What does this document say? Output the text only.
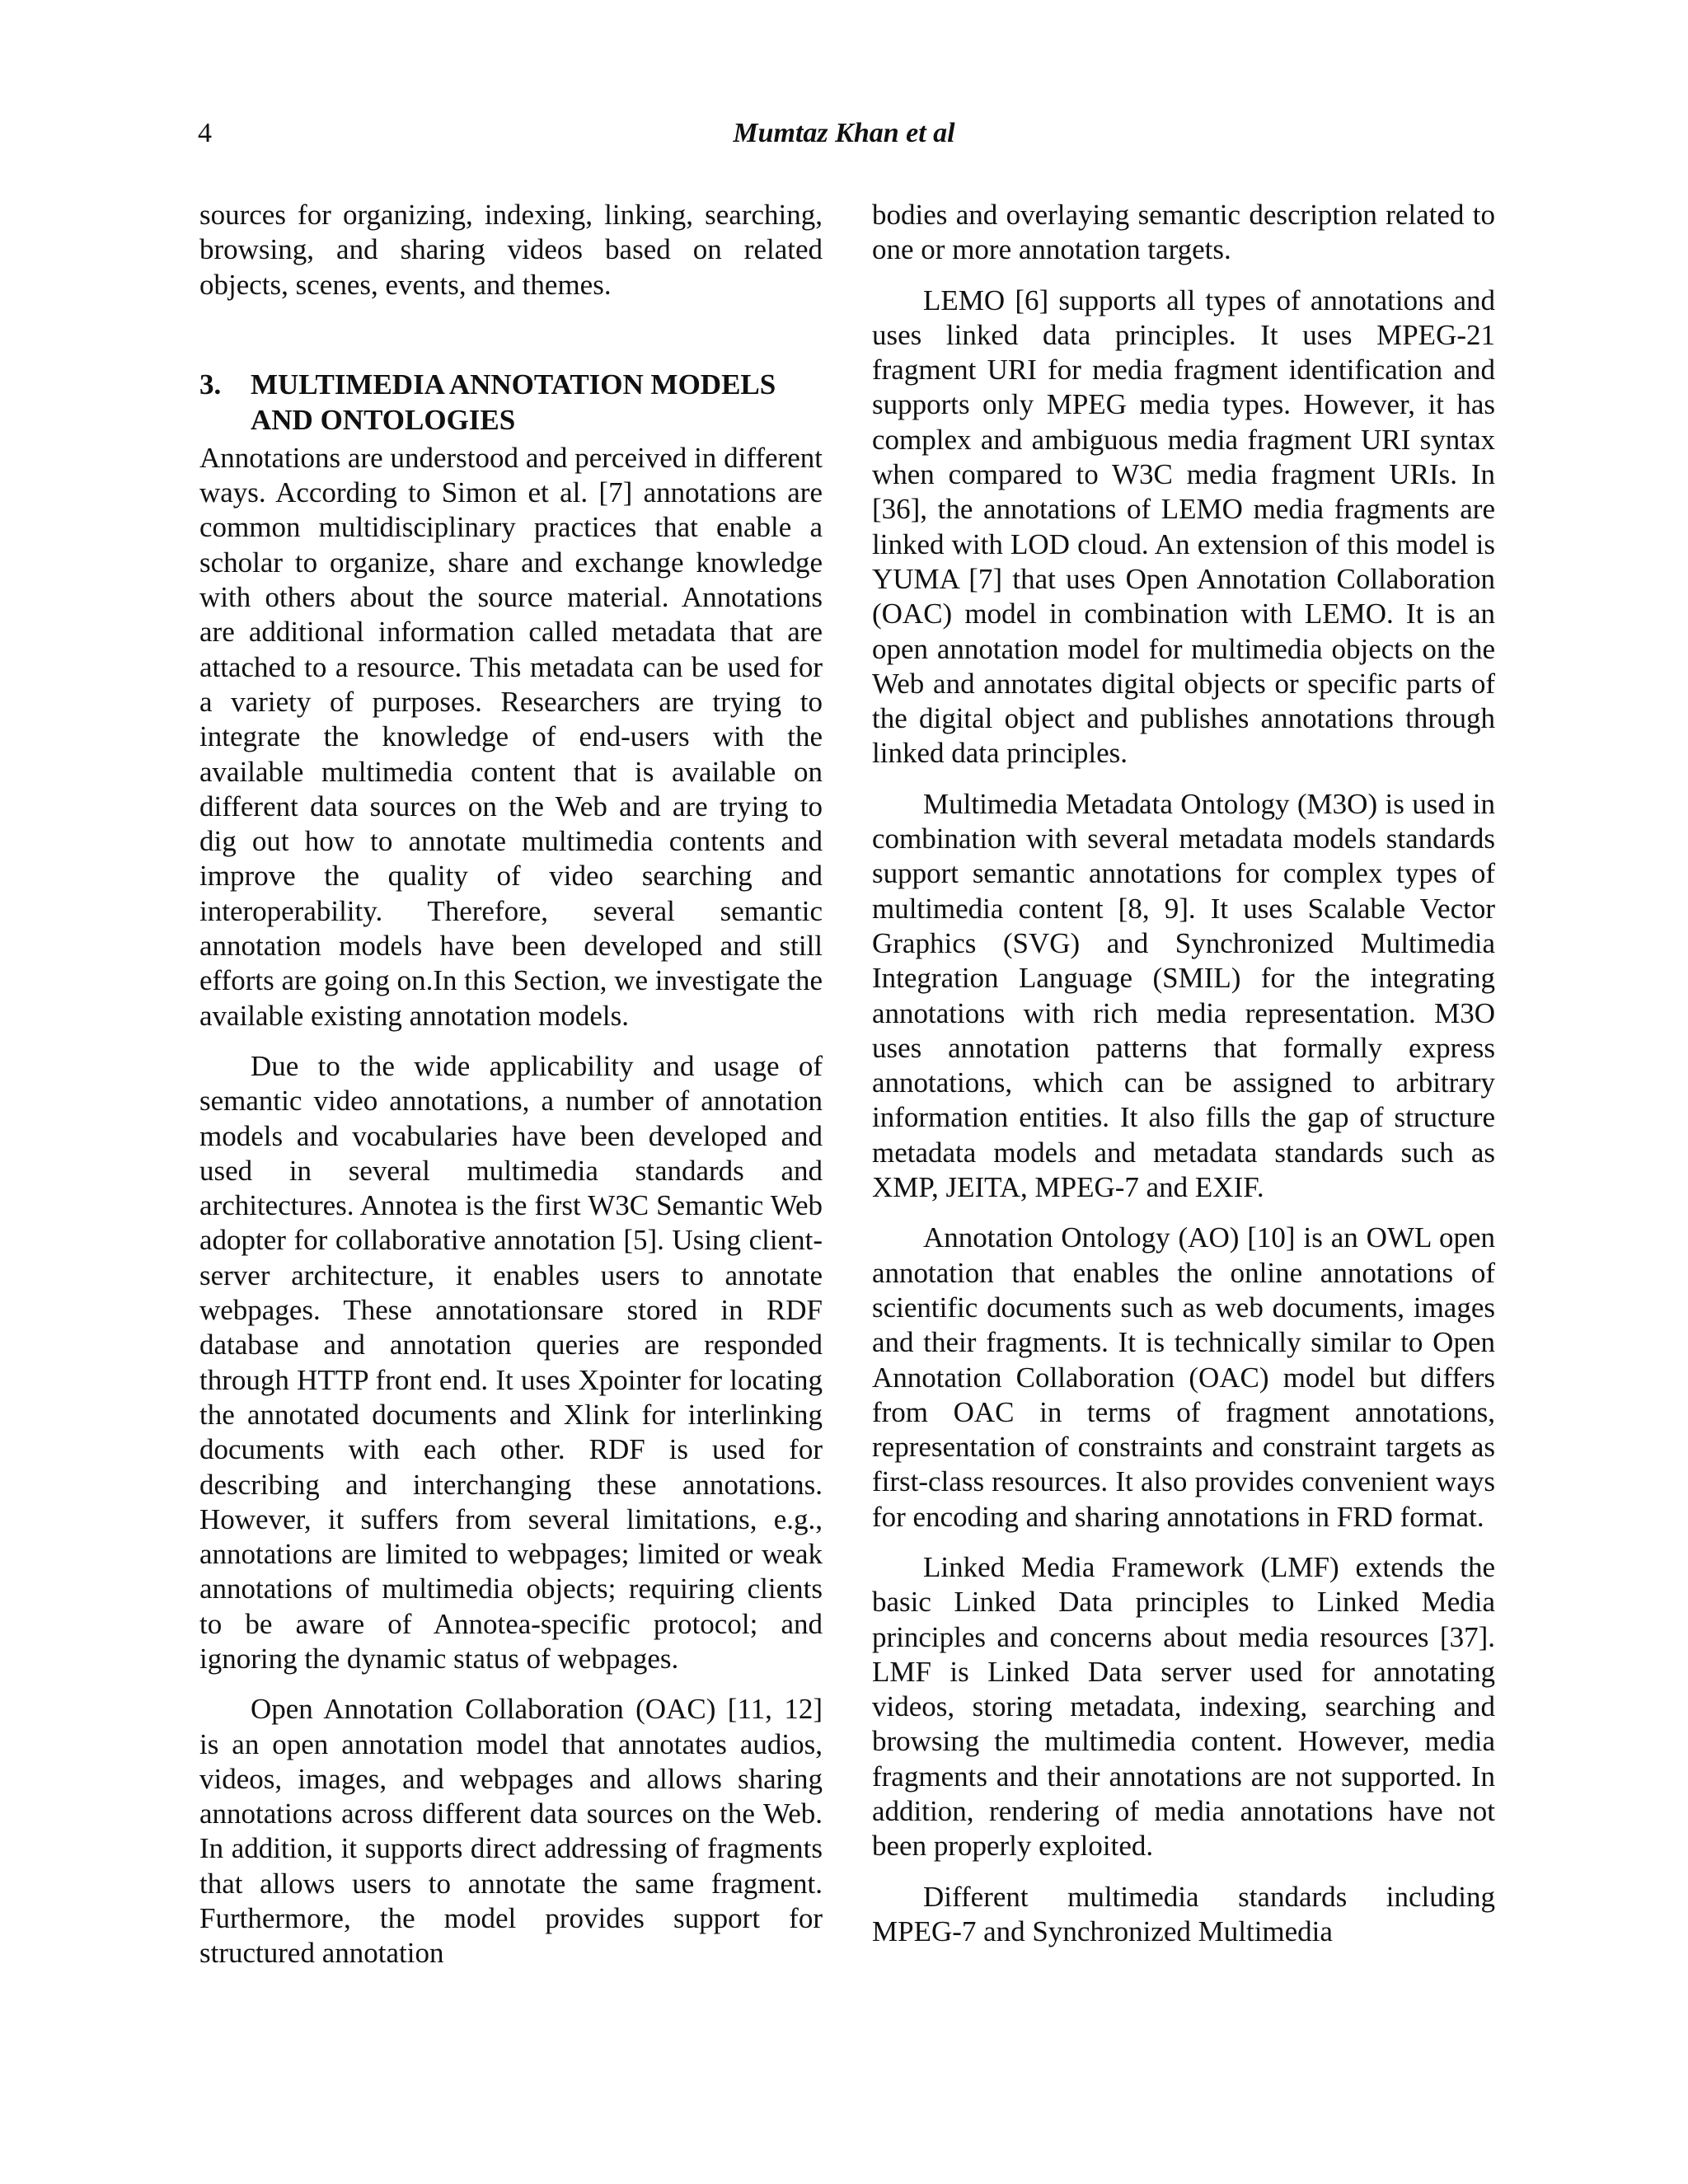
4	Mumtaz Khan et al

sources for organizing, indexing, linking, searching, browsing, and sharing videos based on related objects, scenes, events, and themes.

3.	MULTIMEDIA ANNOTATION MODELS AND ONTOLOGIES

Annotations are understood and perceived in different ways. According to Simon et al. [7] annotations are common multidisciplinary practices that enable a scholar to organize, share and exchange knowledge with others about the source material. Annotations are additional information called metadata that are attached to a resource. This metadata can be used for a variety of purposes. Researchers are trying to integrate the knowledge of end-users with the available multimedia content that is available on different data sources on the Web and are trying to dig out how to annotate multimedia contents and improve the quality of video searching and interoperability. Therefore, several semantic annotation models have been developed and still efforts are going on.In this Section, we investigate the available existing annotation models.

Due to the wide applicability and usage of semantic video annotations, a number of annotation models and vocabularies have been developed and used in several multimedia standards and architectures. Annotea is the first W3C Semantic Web adopter for collaborative annotation [5]. Using client-server architecture, it enables users to annotate webpages. These annotationsare stored in RDF database and annotation queries are responded through HTTP front end. It uses Xpointer for locating the annotated documents and Xlink for interlinking documents with each other. RDF is used for describing and interchanging these annotations. However, it suffers from several limitations, e.g., annotations are limited to webpages; limited or weak annotations of multimedia objects; requiring clients to be aware of Annotea-specific protocol; and ignoring the dynamic status of webpages.

Open Annotation Collaboration (OAC) [11, 12] is an open annotation model that annotates audios, videos, images, and webpages and allows sharing annotations across different data sources on the Web. In addition, it supports direct addressing of fragments that allows users to annotate the same fragment. Furthermore, the model provides support for structured annotation

bodies and overlaying semantic description related to one or more annotation targets.

LEMO [6] supports all types of annotations and uses linked data principles. It uses MPEG-21 fragment URI for media fragment identification and supports only MPEG media types. However, it has complex and ambiguous media fragment URI syntax when compared to W3C media fragment URIs. In [36], the annotations of LEMO media fragments are linked with LOD cloud. An extension of this model is YUMA [7] that uses Open Annotation Collaboration (OAC) model in combination with LEMO. It is an open annotation model for multimedia objects on the Web and annotates digital objects or specific parts of the digital object and publishes annotations through linked data principles.

Multimedia Metadata Ontology (M3O) is used in combination with several metadata models standards support semantic annotations for complex types of multimedia content [8, 9]. It uses Scalable Vector Graphics (SVG) and Synchronized Multimedia Integration Language (SMIL) for the integrating annotations with rich media representation. M3O uses annotation patterns that formally express annotations, which can be assigned to arbitrary information entities. It also fills the gap of structure metadata models and metadata standards such as XMP, JEITA, MPEG-7 and EXIF.

Annotation Ontology (AO) [10] is an OWL open annotation that enables the online annotations of scientific documents such as web documents, images and their fragments. It is technically similar to Open Annotation Collaboration (OAC) model but differs from OAC in terms of fragment annotations, representation of constraints and constraint targets as first-class resources. It also provides convenient ways for encoding and sharing annotations in FRD format.

Linked Media Framework (LMF) extends the basic Linked Data principles to Linked Media principles and concerns about media resources [37]. LMF is Linked Data server used for annotating videos, storing metadata, indexing, searching and browsing the multimedia content. However, media fragments and their annotations are not supported. In addition, rendering of media annotations have not been properly exploited.

Different multimedia standards including MPEG-7 and Synchronized Multimedia
